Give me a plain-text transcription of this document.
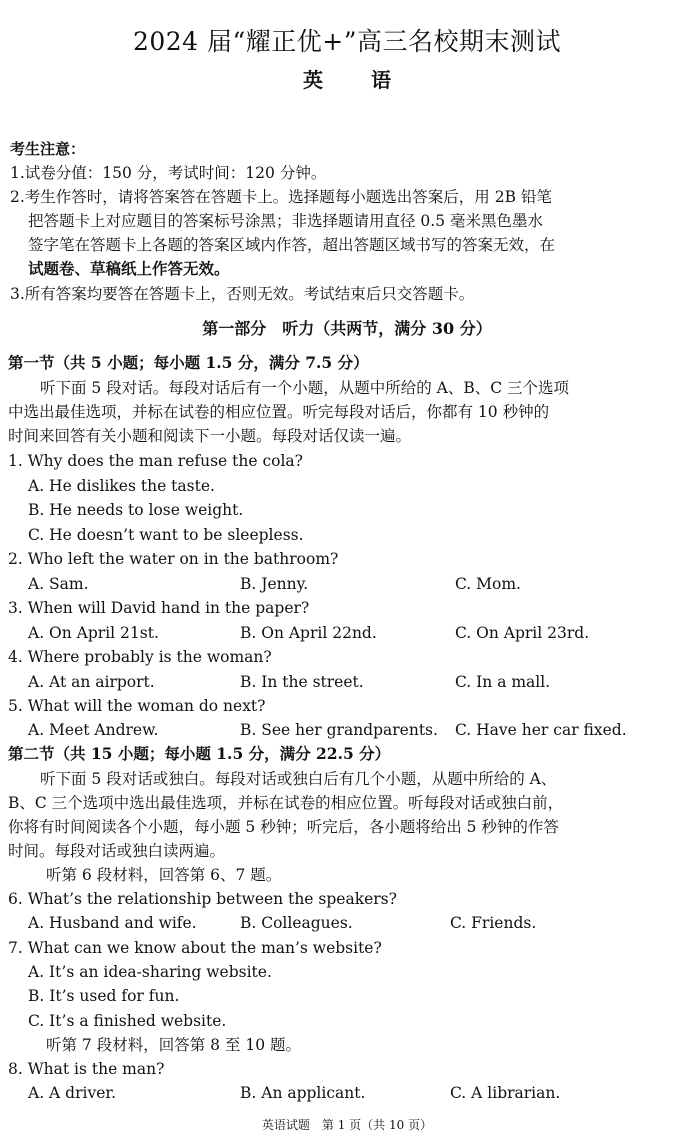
2024 届“耀正优+”高三名校期末测试
英 语
考生注意：
1.试卷分值：150 分，考试时间：120 分钟。
2.考生作答时，请将答案答在答题卡上。选择题每小题选出答案后，用 2B 铅笔
把答题卡上对应题目的答案标号涂黑；非选择题请用直径 0.5 毫米黑色墨水
签字笔在答题卡上各题的答案区域内作答，超出答题区域书写的答案无效，在
试题卷、草稿纸上作答无效。
3.所有答案均要答在答题卡上，否则无效。考试结束后只交答题卡。
第一部分　听力（共两节，满分 30 分）
第一节（共 5 小题；每小题 1.5 分，满分 7.5 分）
听下面 5 段对话。每段对话后有一个小题，从题中所给的 A、B、C 三个选项
中选出最佳选项，并标在试卷的相应位置。听完每段对话后，你都有 10 秒钟的
时间来回答有关小题和阅读下一小题。每段对话仅读一遍。
1. Why does the man refuse the cola?
A. He dislikes the taste.
B. He needs to lose weight.
C. He doesn’t want to be sleepless.
2. Who left the water on in the bathroom?
A. Sam.	B. Jenny.	C. Mom.
3. When will David hand in the paper?
A. On April 21st.	B. On April 22nd.	C. On April 23rd.
4. Where probably is the woman?
A. At an airport.	B. In the street.	C. In a mall.
5. What will the woman do next?
A. Meet Andrew.	B. See her grandparents. C. Have her car fixed.
第二节（共 15 小题；每小题 1.5 分，满分 22.5 分）
听下面 5 段对话或独白。每段对话或独白后有几个小题，从题中所给的 A、
B、C 三个选项中选出最佳选项，并标在试卷的相应位置。听每段对话或独白前，
你将有时间阅读各个小题，每小题 5 秒钟；听完后，各小题将给出 5 秒钟的作答
时间。每段对话或独白读两遍。
听第 6 段材料，回答第 6、7 题。
6. What’s the relationship between the speakers?
A. Husband and wife.	B. Colleagues.	C. Friends.
7. What can we know about the man’s website?
A. It’s an idea-sharing website.
B. It’s used for fun.
C. It’s a finished website.
听第 7 段材料，回答第 8 至 10 题。
8. What is the man?
A. A driver.	B. An applicant.	C. A librarian.
英语试题　第 1 页（共 10 页）
